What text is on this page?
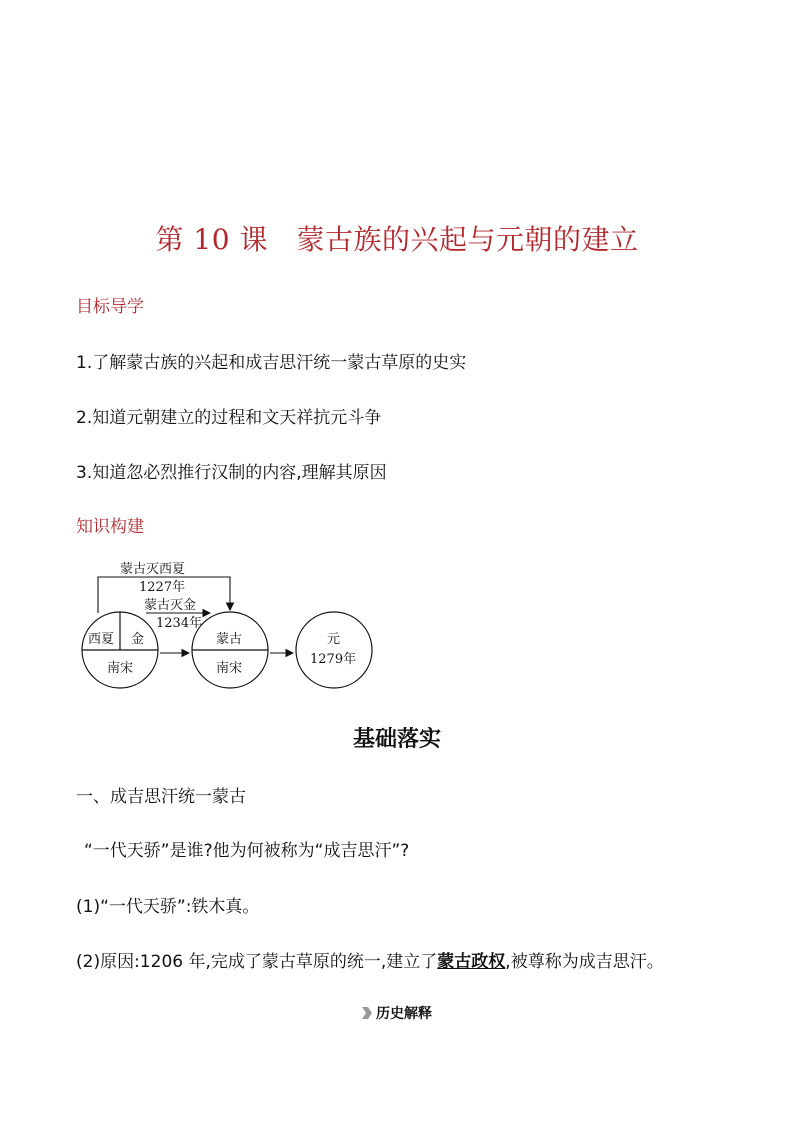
第 10 课　蒙古族的兴起与元朝的建立
目标导学
1.了解蒙古族的兴起和成吉思汗统一蒙古草原的史实
2.知道元朝建立的过程和文天祥抗元斗争
3.知道忽必烈推行汉制的内容,理解其原因
知识构建
西夏 金
南宋
蒙古
南宋
元
1279年
蒙古灭西夏
1227年
蒙古灭金
1234年
基础落实
一、成吉思汗统一蒙古
“一代天骄”是谁?他为何被称为“成吉思汗”?
(1)“一代天骄”:铁木真。
(2)原因:1206 年,完成了蒙古草原的统一,建立了蒙古政权,被尊称为成吉思汗。
历史解释
